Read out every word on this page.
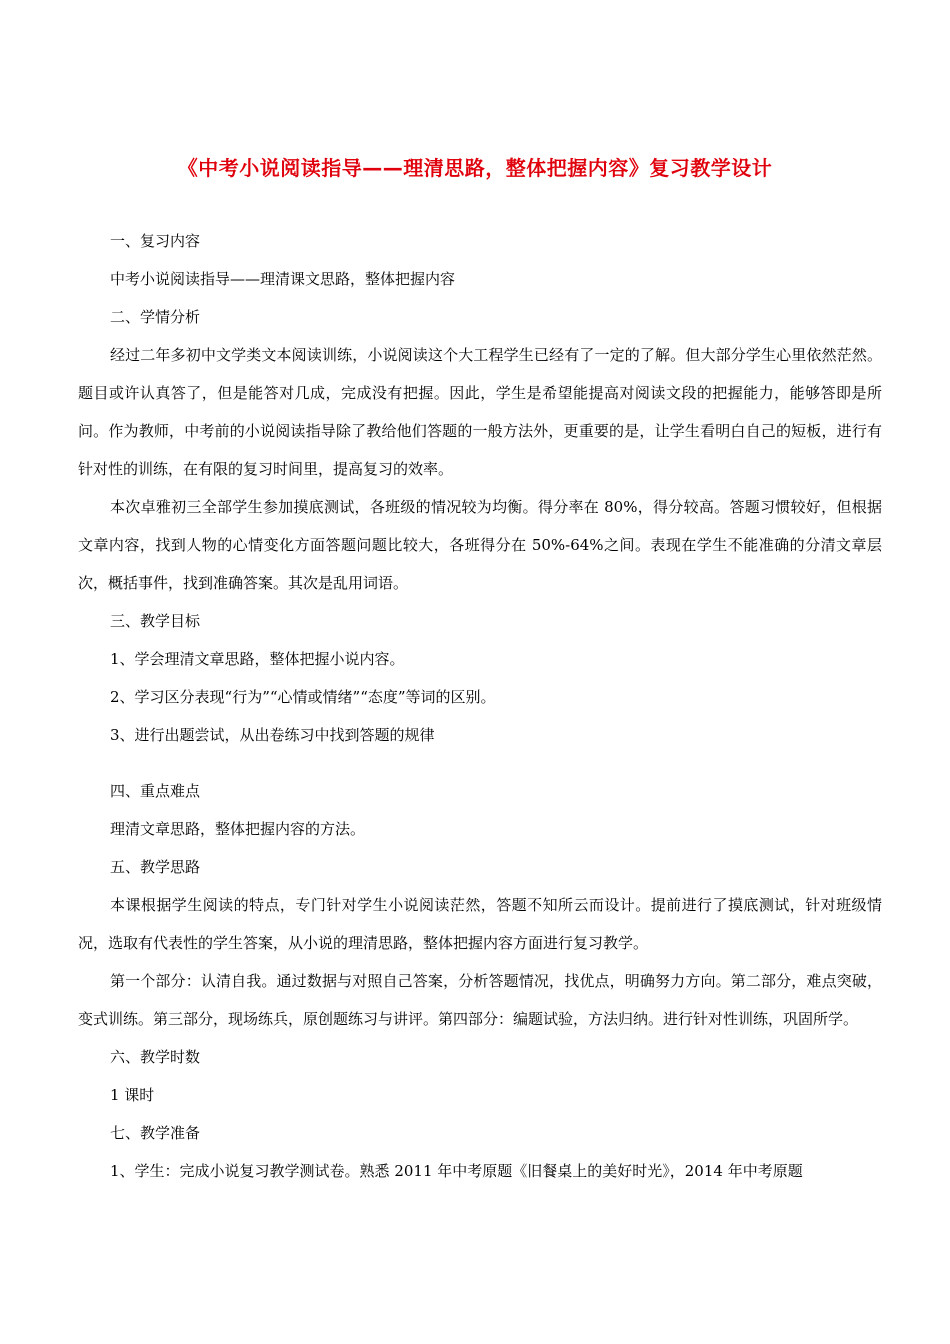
《中考小说阅读指导——理清思路，整体把握内容》复习教学设计

一、复习内容

中考小说阅读指导——理清课文思路，整体把握内容

二、学情分析

经过二年多初中文学类文本阅读训练，小说阅读这个大工程学生已经有了一定的了解。但大部分学生心里依然茫然。题目或许认真答了，但是能答对几成，完成没有把握。因此，学生是希望能提高对阅读文段的把握能力，能够答即是所问。作为教师，中考前的小说阅读指导除了教给他们答题的一般方法外，更重要的是，让学生看明白自己的短板，进行有针对性的训练，在有限的复习时间里，提高复习的效率。

本次卓雅初三全部学生参加摸底测试，各班级的情况较为均衡。得分率在 80%，得分较高。答题习惯较好，但根据文章内容，找到人物的心情变化方面答题问题比较大，各班得分在 50%-64%之间。表现在学生不能准确的分清文章层次，概括事件，找到准确答案。其次是乱用词语。

三、教学目标

1、学会理清文章思路，整体把握小说内容。

2、学习区分表现“行为”“心情或情绪”“态度”等词的区别。

3、进行出题尝试，从出卷练习中找到答题的规律

四、重点难点

理清文章思路，整体把握内容的方法。

五、教学思路

本课根据学生阅读的特点，专门针对学生小说阅读茫然，答题不知所云而设计。提前进行了摸底测试，针对班级情况，选取有代表性的学生答案，从小说的理清思路，整体把握内容方面进行复习教学。

第一个部分：认清自我。通过数据与对照自己答案，分析答题情况，找优点，明确努力方向。第二部分，难点突破，变式训练。第三部分，现场练兵，原创题练习与讲评。第四部分：编题试验，方法归纳。进行针对性训练，巩固所学。

六、教学时数

1 课时

七、教学准备

1、学生：完成小说复习教学测试卷。熟悉 2011 年中考原题《旧餐桌上的美好时光》，2014 年中考原题
